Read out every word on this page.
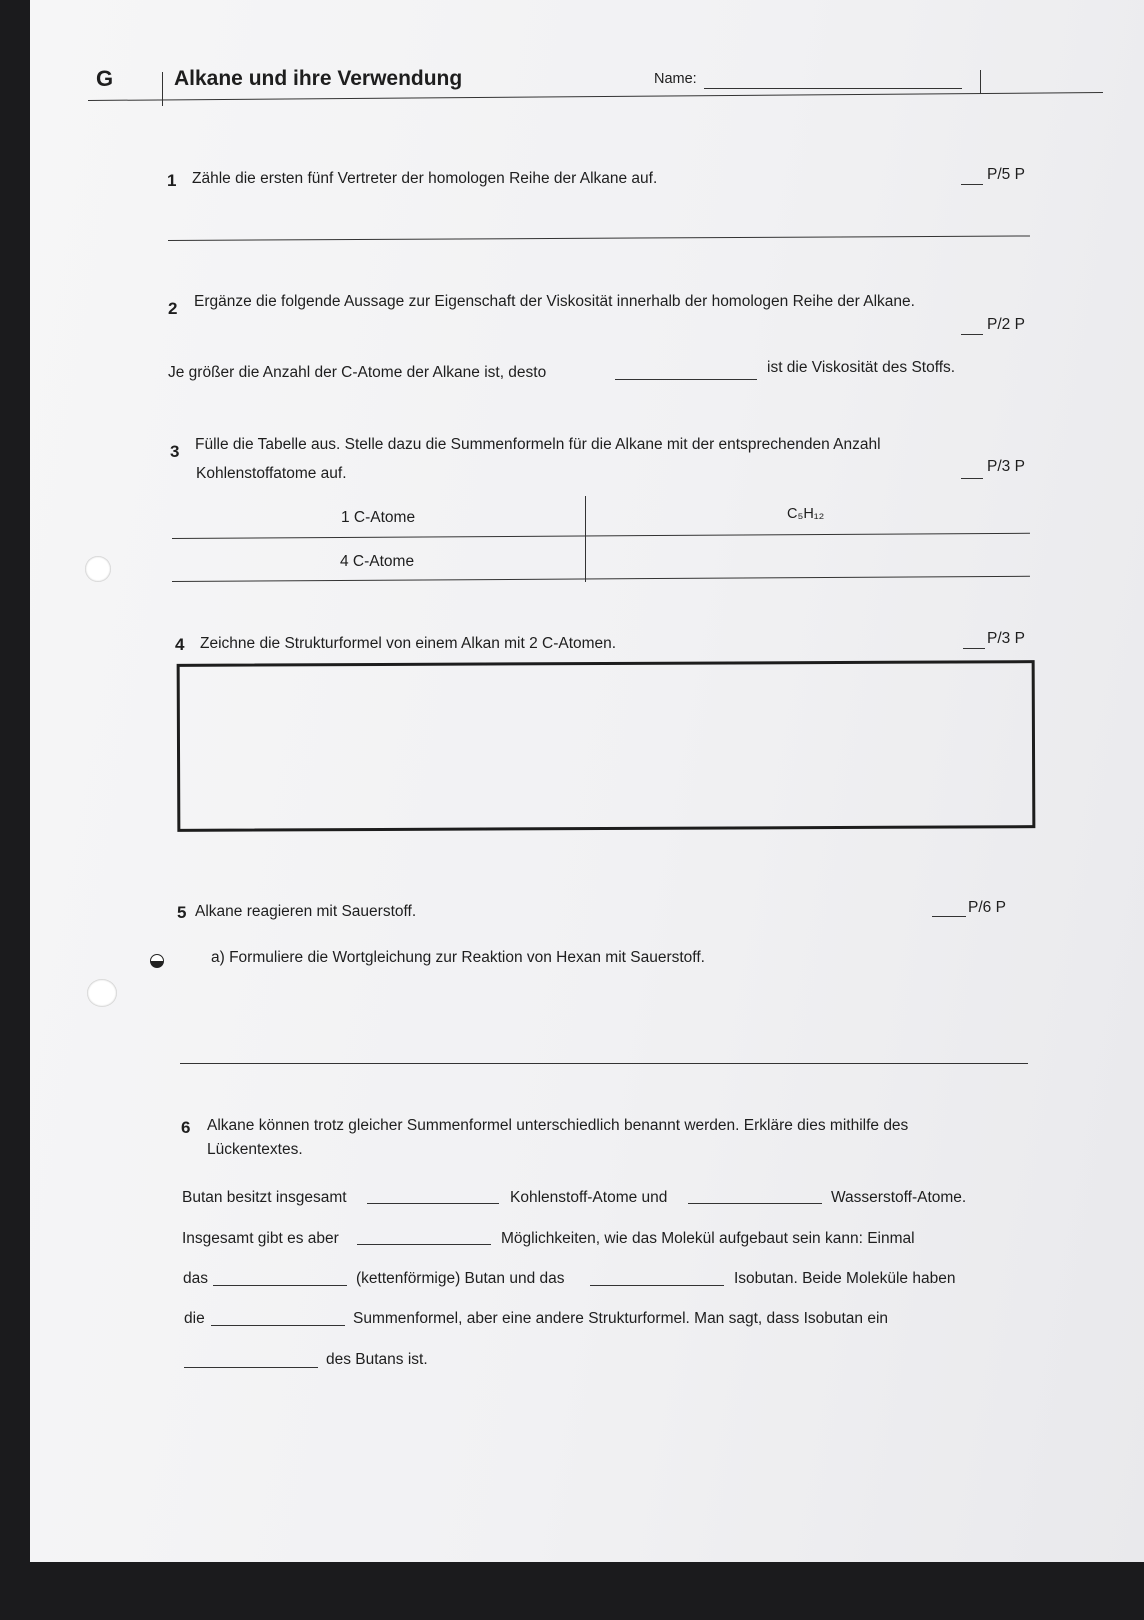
G	Alkane und ihre Verwendung	Name:
1 Zähle die ersten fünf Vertreter der homologen Reihe der Alkane auf.	P/5 P
2 Ergänze die folgende Aussage zur Eigenschaft der Viskosität innerhalb der homologen Reihe der Alkane.
P/2 P
Je größer die Anzahl der C-Atome der Alkane ist, desto	ist die Viskosität des Stoffs.
3 Fülle die Tabelle aus. Stelle dazu die Summenformeln für die Alkane mit der entsprechenden Anzahl
Kohlenstoffatome auf.	P/3 P
1 C-Atome	C₅H₁₂
4 C-Atome
4 Zeichne die Strukturformel von einem Alkan mit 2 C-Atomen.	P/3 P
5 Alkane reagieren mit Sauerstoff.	P/6 P
a) Formuliere die Wortgleichung zur Reaktion von Hexan mit Sauerstoff.
6 Alkane können trotz gleicher Summenformel unterschiedlich benannt werden. Erkläre dies mithilfe des
Lückentextes.
Butan besitzt insgesamt	Kohlenstoff-Atome und	Wasserstoff-Atome.
Insgesamt gibt es aber	Möglichkeiten, wie das Molekül aufgebaut sein kann: Einmal
das	(kettenförmige) Butan und das	Isobutan. Beide Moleküle haben
die	Summenformel, aber eine andere Strukturformel. Man sagt, dass Isobutan ein
des Butans ist.
